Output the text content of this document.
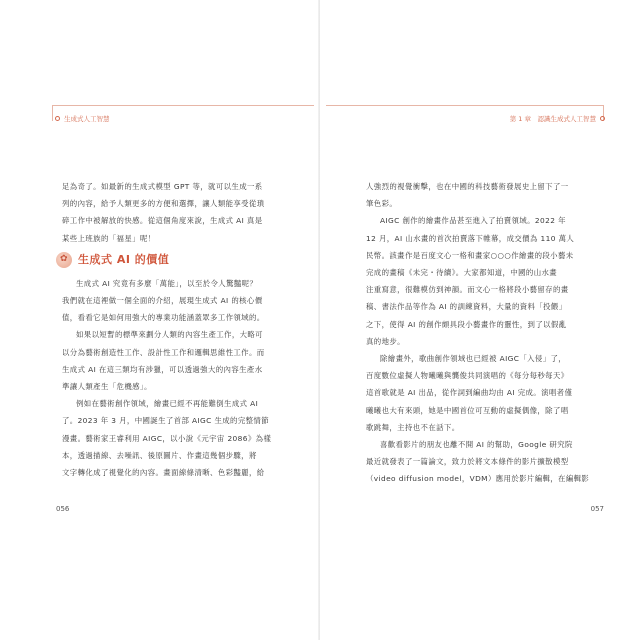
生成式人工智慧
足為奇了。如最新的生成式模型 GPT 等，就可以生成一系
列的內容，給予人類更多的方便和選擇，讓人類能享受從瑣
碎工作中被解放的快感。從這個角度來說，生成式 AI 真是
某些上班族的「福星」呢！
✿ 生成式 AI 的價值
生成式 AI 究竟有多麼「萬能」，以至於令人驚豔呢？
我們就在這裡做一個全面的介紹，展現生成式 AI 的核心價
值，看看它是如何用強大的專業功能涵蓋眾多工作領域的。
如果以短暫的標準來劃分人類的內容生產工作，大略可
以分為藝術創造性工作、設計性工作和邏輯思維性工作。而
生成式 AI 在這三類均有涉獵，可以透過強大的內容生產水
準讓人類產生「危機感」。
例如在藝術創作領域，繪畫已經不再能難倒生成式 AI
了。2023 年 3 月，中國誕生了首部 AIGC 生成的完整情節
漫畫。藝術家王睿利用 AIGC，以小說《元宇宙 2086》為樣
本，透過描線、去噪訊、後原圖片、作畫這幾個步驟，將
文字轉化成了視覺化的內容。畫面線條清晰、色彩豔麗，給
056
第 1 章　認識生成式人工智慧
人強烈的視覺衝擊，也在中國的科技藝術發展史上留下了一
筆色彩。
AIGC 創作的繪畫作品甚至進入了拍賣領域。2022 年
12 月，AI 山水畫的首次拍賣落下帷幕，成交價為 110 萬人
民幣。該畫作是百度文心一格和畫家○○○作繪畫的段小藝未
完成的畫稿《未完・待續》。大家都知道，中國的山水畫
注重寫意，很難模仿到神韻。而文心一格將段小藝留存的畫
稿、書法作品等作為 AI 的訓練資料，大量的資料「投餵」
之下，使得 AI 的創作頗具段小藝畫作的靈性，到了以假亂
真的地步。
除繪畫外，歌曲創作領域也已經被 AIGC「入侵」了，
百度數位虛擬人物曦曦與龔俊共同演唱的《每分每秒每天》
這首歌就是 AI 出品，從作詞到編曲均由 AI 完成。演唱者僅
曦曦也大有來頭，她是中國首位可互動的虛擬偶像，除了唱
歌跳舞，主持也不在話下。
喜歡看影片的朋友也離不開 AI 的幫助，Google 研究院
最近就發表了一篇論文，致力於將文本條件的影片擴散模型
（video diffusion model，VDM）應用於影片編輯，在編輯影
057
